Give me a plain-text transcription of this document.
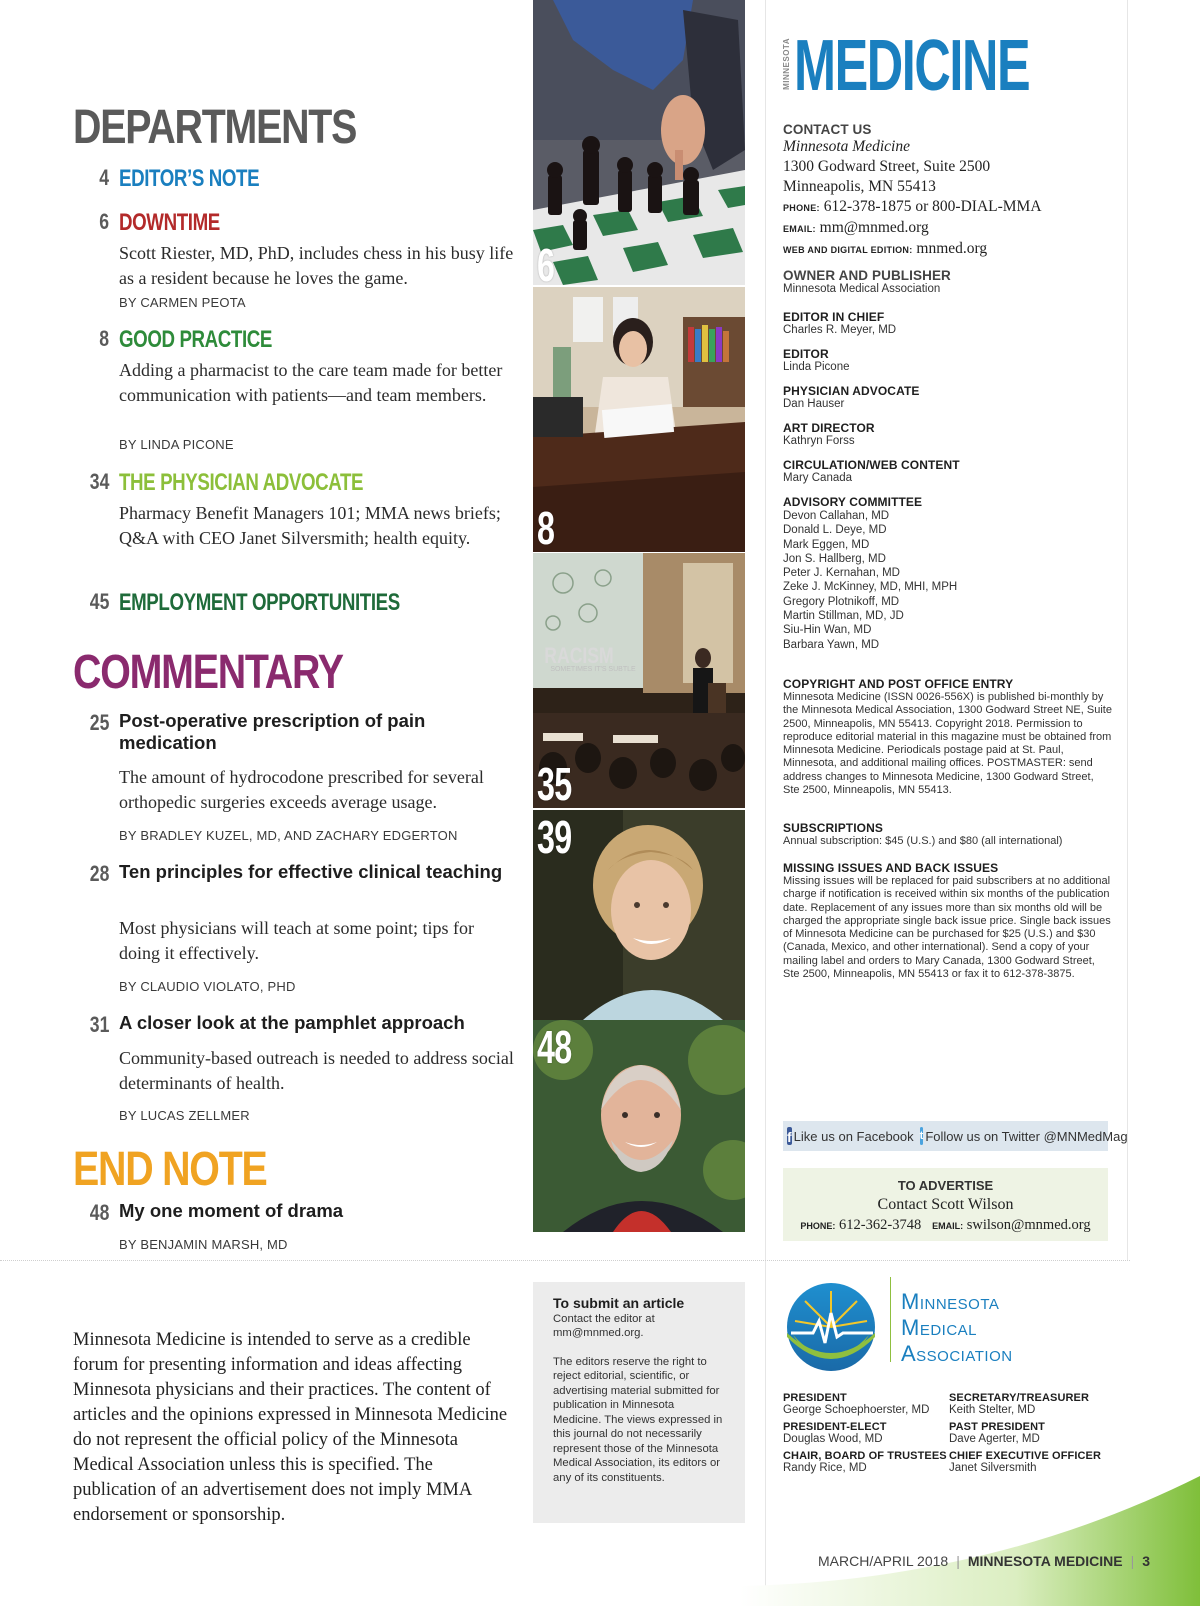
DEPARTMENTS
4 EDITOR’S NOTE
6 DOWNTIME
Scott Riester, MD, PhD, includes chess in his busy life as a resident because he loves the game.
BY CARMEN PEOTA
8 GOOD PRACTICE
Adding a pharmacist to the care team made for better communication with patients—and team members.
BY LINDA PICONE
34 THE PHYSICIAN ADVOCATE
Pharmacy Benefit Managers 101; MMA news briefs; Q&A with CEO Janet Silversmith; health equity.
45 EMPLOYMENT OPPORTUNITIES
COMMENTARY
25 Post-operative prescription of pain medication
The amount of hydrocodone prescribed for several orthopedic surgeries exceeds average usage.
BY BRADLEY KUZEL, MD, AND ZACHARY EDGERTON
28 Ten principles for effective clinical teaching
Most physicians will teach at some point; tips for doing it effectively.
BY CLAUDIO VIOLATO, PHD
31 A closer look at the pamphlet approach
Community-based outreach is needed to address social determinants of health.
BY LUCAS ZELLMER
END NOTE
48 My one moment of drama
BY BENJAMIN MARSH, MD
6
8
RACISM
SOMETIMES IT'S SUBTLE
35
39
48
MINNESOTA MEDICINE
CONTACT US
Minnesota Medicine
1300 Godward Street, Suite 2500
Minneapolis, MN 55413
PHONE: 612-378-1875 or 800-DIAL-MMA
EMAIL: mm@mnmed.org
WEB AND DIGITAL EDITION: mnmed.org
OWNER AND PUBLISHER
Minnesota Medical Association
EDITOR IN CHIEF
Charles R. Meyer, MD
EDITOR
Linda Picone
PHYSICIAN ADVOCATE
Dan Hauser
ART DIRECTOR
Kathryn Forss
CIRCULATION/WEB CONTENT
Mary Canada
ADVISORY COMMITTEE
Devon Callahan, MD
Donald L. Deye, MD
Mark Eggen, MD
Jon S. Hallberg, MD
Peter J. Kernahan, MD
Zeke J. McKinney, MD, MHI, MPH
Gregory Plotnikoff, MD
Martin Stillman, MD, JD
Siu-Hin Wan, MD
Barbara Yawn, MD
COPYRIGHT AND POST OFFICE ENTRY
Minnesota Medicine (ISSN 0026-556X) is published bi-monthly by the Minnesota Medical Association, 1300 Godward Street NE, Suite 2500, Minneapolis, MN 55413. Copyright 2018. Permission to reproduce editorial material in this magazine must be obtained from Minnesota Medicine. Periodicals postage paid at St. Paul, Minnesota, and additional mailing offices. POSTMASTER: send address changes to Minnesota Medicine, 1300 Godward Street, Ste 2500, Minneapolis, MN 55413.
SUBSCRIPTIONS
Annual subscription: $45 (U.S.) and $80 (all international)
MISSING ISSUES AND BACK ISSUES
Missing issues will be replaced for paid subscribers at no additional charge if notification is received within six months of the publication date. Replacement of any issues more than six months old will be charged the appropriate single back issue price. Single back issues of Minnesota Medicine can be purchased for $25 (U.S.) and $30 (Canada, Mexico, and other international). Send a copy of your mailing label and orders to Mary Canada, 1300 Godward Street, Ste 2500, Minneapolis, MN 55413 or fax it to 612-378-3875.
f Like us on Facebook t Follow us on Twitter @MNMedMag
TO ADVERTISE
Contact Scott Wilson
PHONE: 612-362-3748 EMAIL: swilson@mnmed.org
Minnesota Medicine is intended to serve as a credible forum for presenting information and ideas affecting Minnesota physicians and their practices. The content of articles and the opinions expressed in Minnesota Medicine do not represent the official policy of the Minnesota Medical Association unless this is specified. The publication of an advertisement does not imply MMA endorsement or sponsorship.
To submit an article
Contact the editor at mm@mnmed.org.
The editors reserve the right to reject editorial, scientific, or advertising material submitted for publication in Minnesota Medicine. The views expressed in this journal do not necessarily represent those of the Minnesota Medical Association, its editors or any of its constituents.
Minnesota
Medical
Association
PRESIDENT
George Schoephoerster, MD
SECRETARY/TREASURER
Keith Stelter, MD
PRESIDENT-ELECT
Douglas Wood, MD
PAST PRESIDENT
Dave Agerter, MD
CHAIR, BOARD OF TRUSTEES
Randy Rice, MD
CHIEF EXECUTIVE OFFICER
Janet Silversmith
MARCH/APRIL 2018 | MINNESOTA MEDICINE | 3
